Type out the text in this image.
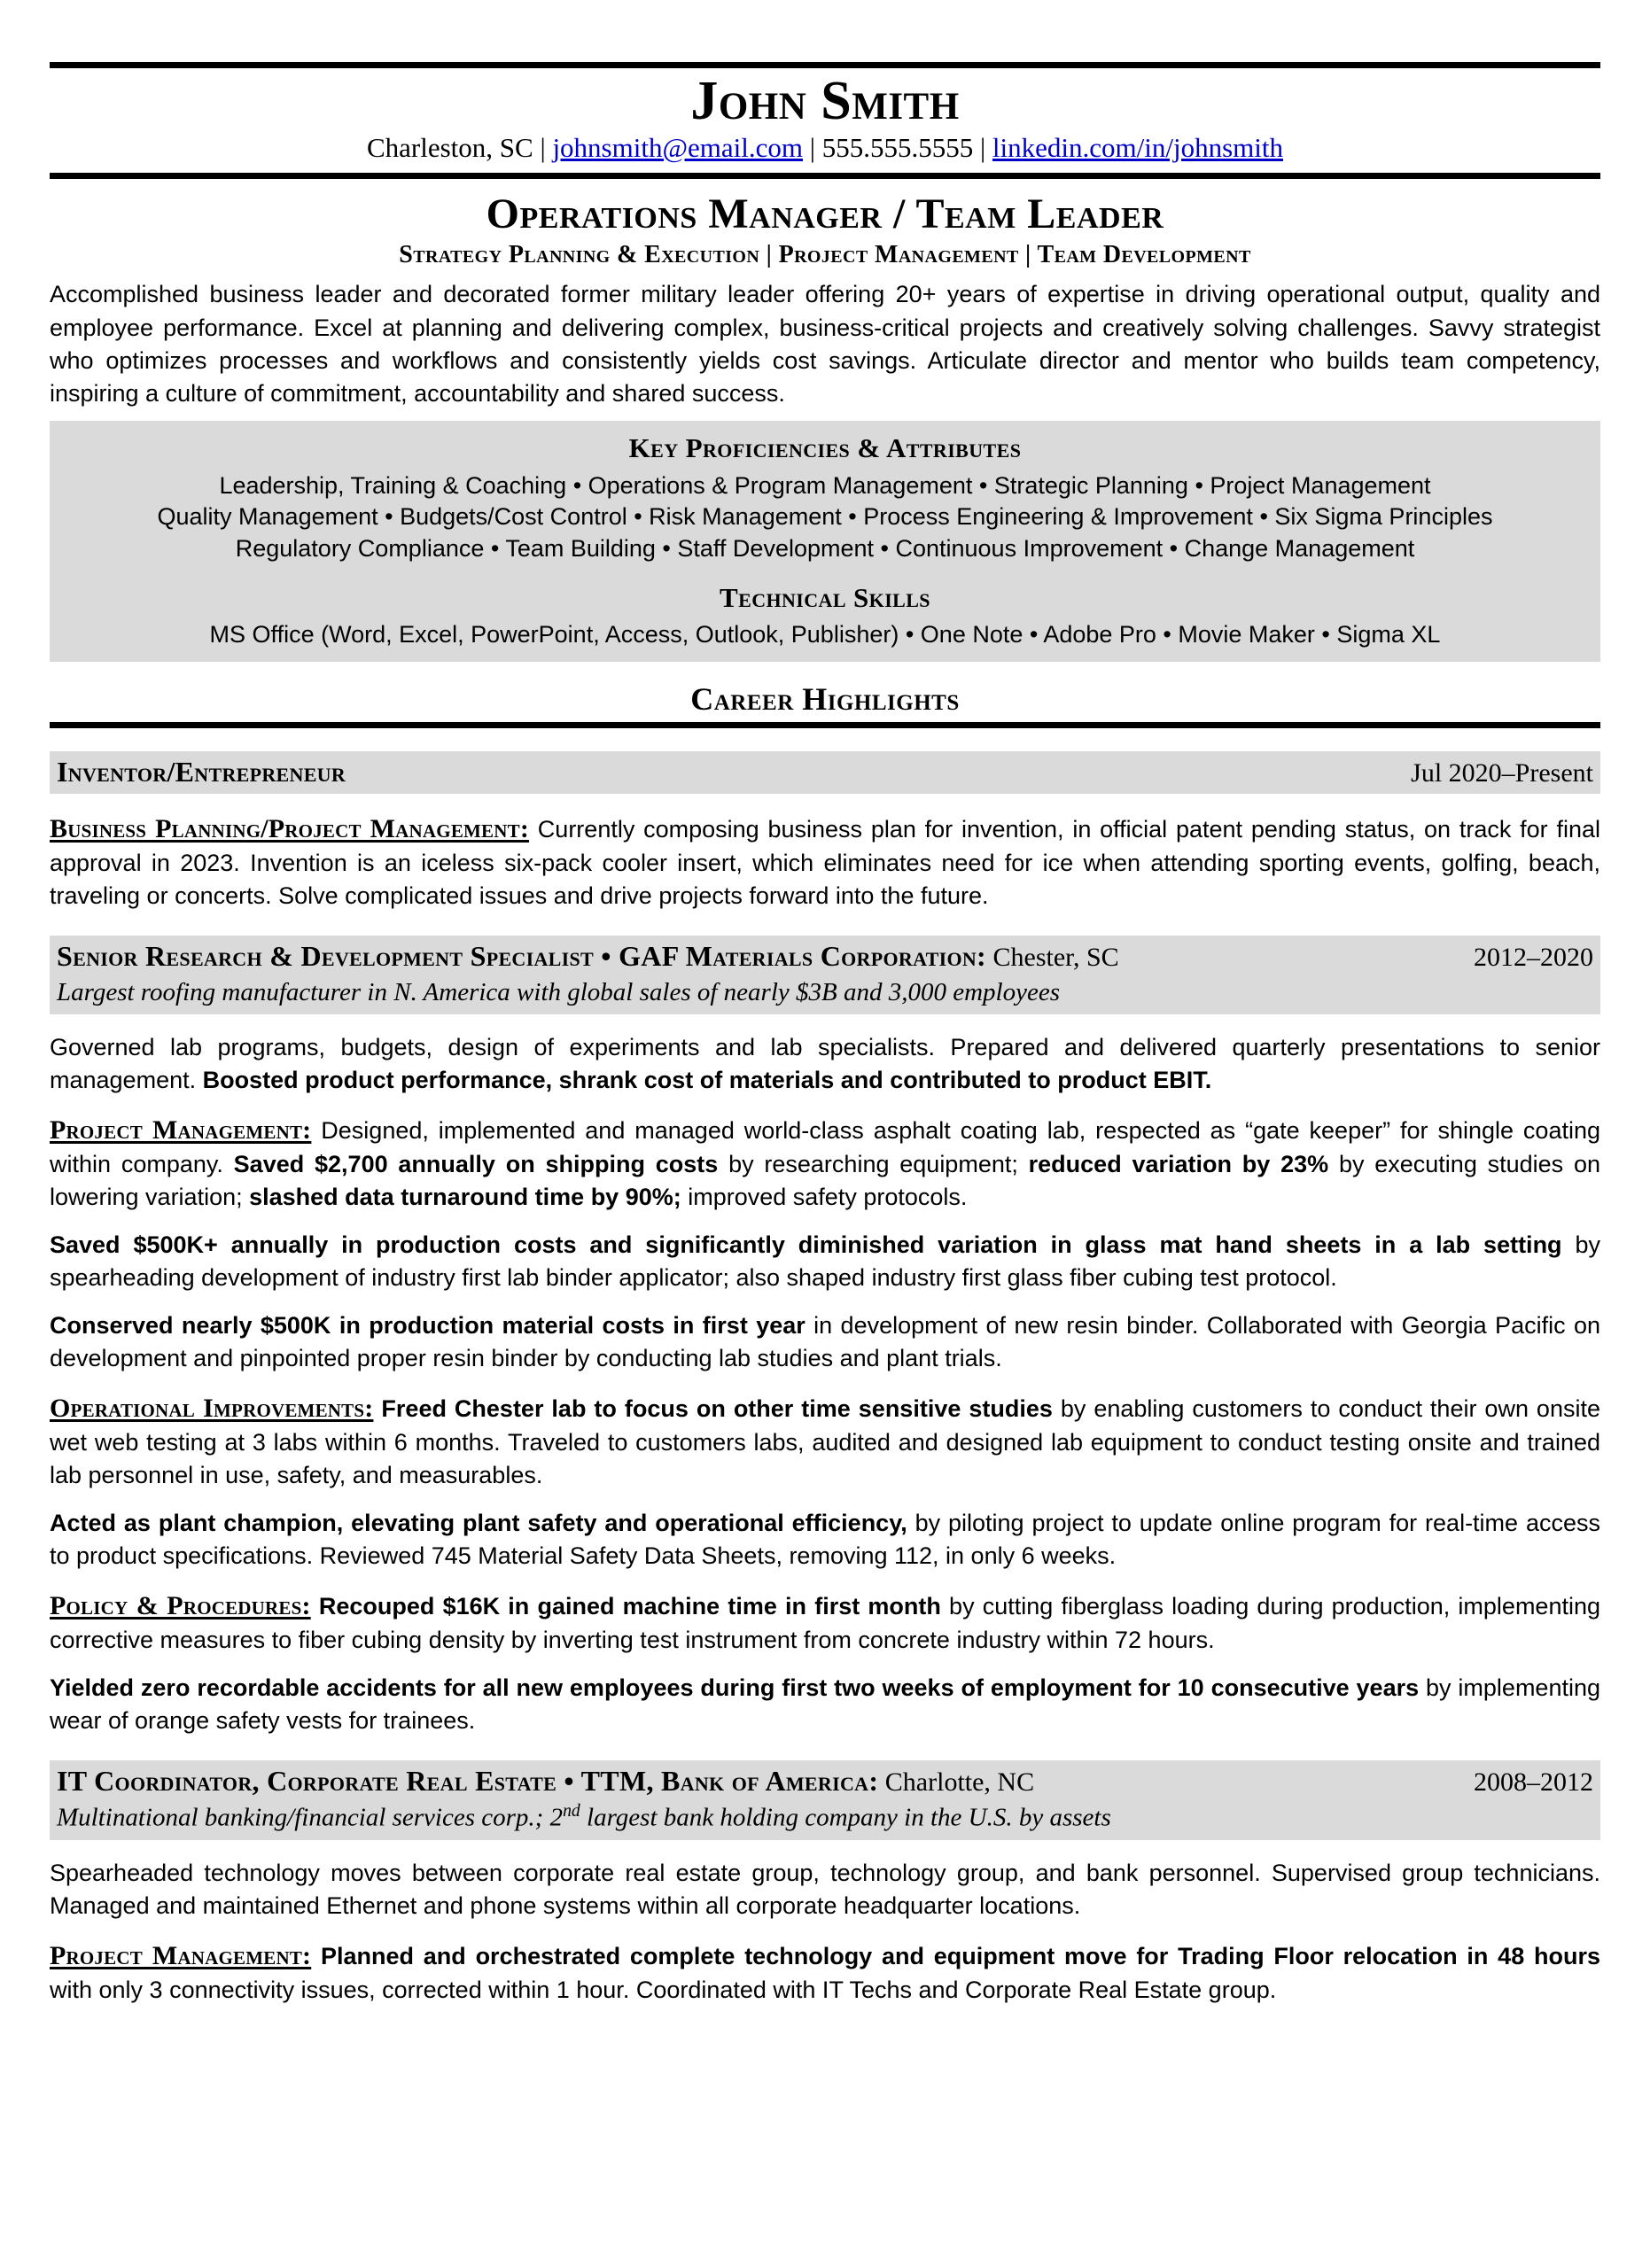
John Smith
Charleston, SC | johnsmith@email.com | 555.555.5555 | linkedin.com/in/johnsmith
Operations Manager / Team Leader
Strategy Planning & Execution | Project Management | Team Development

Accomplished business leader and decorated former military leader offering 20+ years of expertise in driving operational output, quality and employee performance. Excel at planning and delivering complex, business-critical projects and creatively solving challenges. Savvy strategist who optimizes processes and workflows and consistently yields cost savings. Articulate director and mentor who builds team competency, inspiring a culture of commitment, accountability and shared success.

Key Proficiencies & Attributes
Leadership, Training & Coaching • Operations & Program Management • Strategic Planning • Project Management
Quality Management • Budgets/Cost Control • Risk Management • Process Engineering & Improvement • Six Sigma Principles
Regulatory Compliance • Team Building • Staff Development • Continuous Improvement • Change Management
Technical Skills
MS Office (Word, Excel, PowerPoint, Access, Outlook, Publisher) • One Note • Adobe Pro • Movie Maker • Sigma XL
Career Highlights
Inventor/Entrepreneur	Jul 2020–Present

Business Planning/Project Management: Currently composing business plan for invention, in official patent pending status, on track for final approval in 2023. Invention is an iceless six-pack cooler insert, which eliminates need for ice when attending sporting events, golfing, beach, traveling or concerts. Solve complicated issues and drive projects forward into the future.

Senior Research & Development Specialist • GAF Materials Corporation: Chester, SC	2012–2020
Largest roofing manufacturer in N. America with global sales of nearly $3B and 3,000 employees

Governed lab programs, budgets, design of experiments and lab specialists. Prepared and delivered quarterly presentations to senior management. Boosted product performance, shrank cost of materials and contributed to product EBIT.

Project Management: Designed, implemented and managed world-class asphalt coating lab, respected as “gate keeper” for shingle coating within company. Saved $2,700 annually on shipping costs by researching equipment; reduced variation by 23% by executing studies on lowering variation; slashed data turnaround time by 90%; improved safety protocols.

Saved $500K+ annually in production costs and significantly diminished variation in glass mat hand sheets in a lab setting by spearheading development of industry first lab binder applicator; also shaped industry first glass fiber cubing test protocol.

Conserved nearly $500K in production material costs in first year in development of new resin binder. Collaborated with Georgia Pacific on development and pinpointed proper resin binder by conducting lab studies and plant trials.

Operational Improvements: Freed Chester lab to focus on other time sensitive studies by enabling customers to conduct their own onsite wet web testing at 3 labs within 6 months. Traveled to customers labs, audited and designed lab equipment to conduct testing onsite and trained lab personnel in use, safety, and measurables.

Acted as plant champion, elevating plant safety and operational efficiency, by piloting project to update online program for real-time access to product specifications. Reviewed 745 Material Safety Data Sheets, removing 112, in only 6 weeks.

Policy & Procedures: Recouped $16K in gained machine time in first month by cutting fiberglass loading during production, implementing corrective measures to fiber cubing density by inverting test instrument from concrete industry within 72 hours.

Yielded zero recordable accidents for all new employees during first two weeks of employment for 10 consecutive years by implementing wear of orange safety vests for trainees.

IT Coordinator, Corporate Real Estate • TTM, Bank of America: Charlotte, NC	2008–2012
Multinational banking/financial services corp.; 2nd largest bank holding company in the U.S. by assets

Spearheaded technology moves between corporate real estate group, technology group, and bank personnel. Supervised group technicians. Managed and maintained Ethernet and phone systems within all corporate headquarter locations.

Project Management: Planned and orchestrated complete technology and equipment move for Trading Floor relocation in 48 hours with only 3 connectivity issues, corrected within 1 hour. Coordinated with IT Techs and Corporate Real Estate group.
